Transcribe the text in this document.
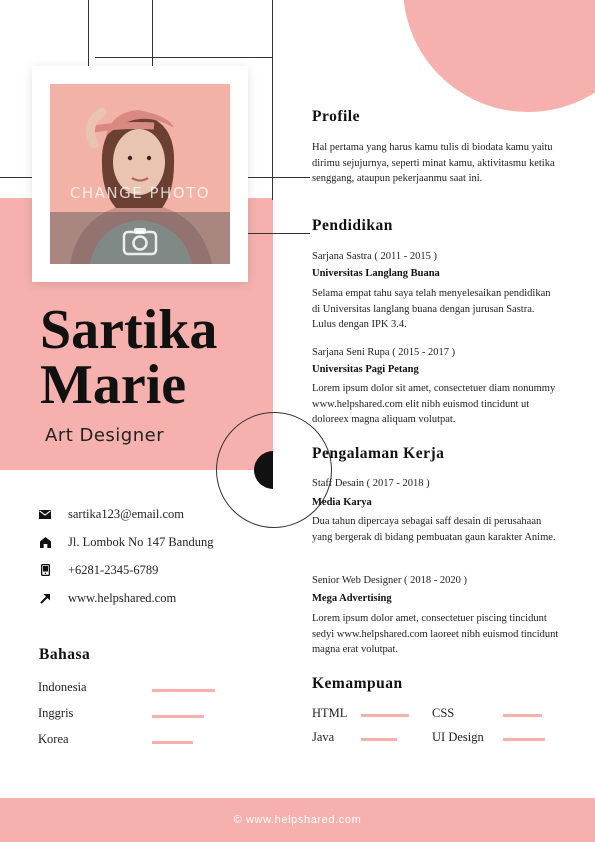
CHANGE PHOTO
Sartika
Marie
Art Designer
sartika123@email.com
Jl. Lombok No 147 Bandung
+6281-2345-6789
www.helpshared.com
Bahasa
Indonesia
Inggris
Korea
Profile
Hal pertama yang harus kamu tulis di biodata kamu yaitu dirimu sejujurnya, seperti minat kamu, aktivitasmu ketika senggang, ataupun pekerjaanmu saat ini.
Pendidikan
Sarjana Sastra ( 2011 - 2015 )
Universitas Langlang Buana
Selama empat tahu saya telah menyelesaikan pendidikan di Universitas langlang buana dengan jurusan Sastra. Lulus dengan IPK 3.4.
Sarjana Seni Rupa ( 2015 - 2017 )
Universitas Pagi Petang
Lorem ipsum dolor sit amet, consectetuer diam nonummy www.helpshared.com elit nibh euismod tincidunt ut doloreex magna aliquam volutpat.
Pengalaman Kerja
Staff Desain ( 2017 - 2018 )
Media Karya
Dua tahun dipercaya sebagai saff desain di perusahaan yang bergerak di bidang pembuatan gaun karakter Anime.
Senior Web Designer ( 2018 - 2020 )
Mega Advertising
Lorem ipsum dolor amet, consectetuer piscing tincidunt sedyi www.helpshared.com laoreet nibh euismod tincidunt magna erat volutpat.
Kemampuan
HTML	CSS
Java	UI Design
© www.helpshared.com
